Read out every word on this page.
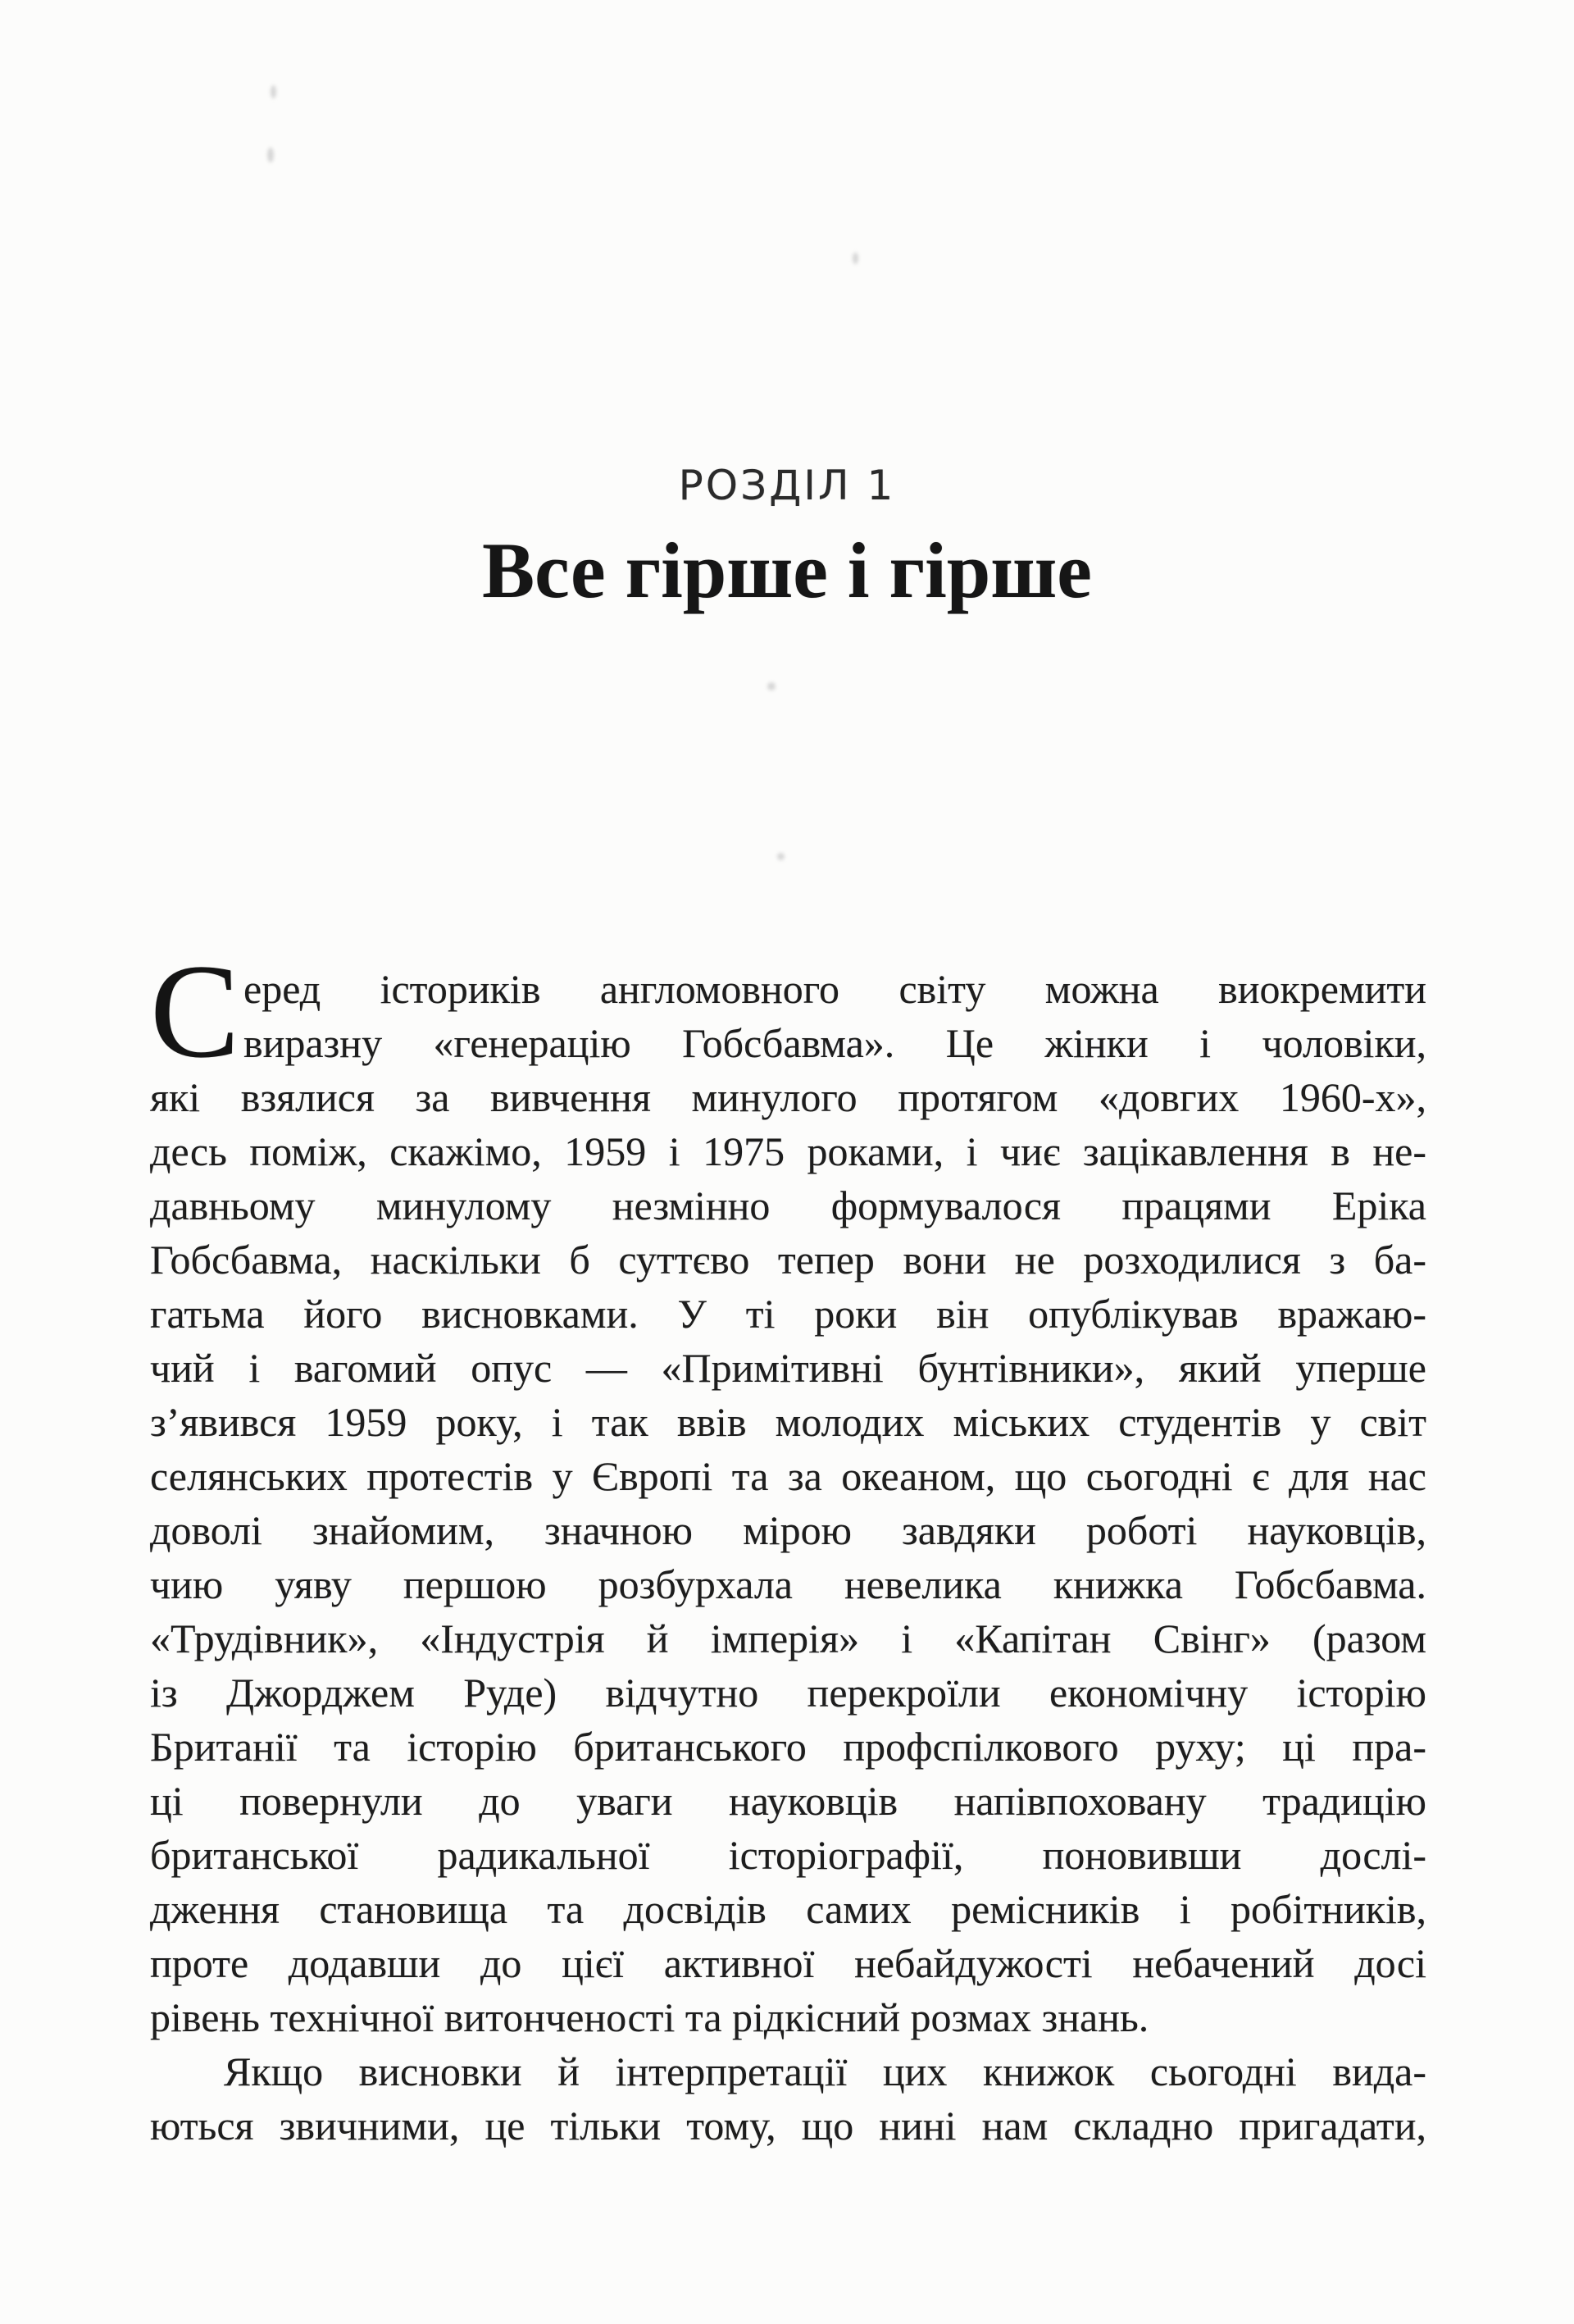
РОЗДІЛ 1
Все гірше і гірше
С еред істориків англомовного світу можна виокремити
виразну «генерацію Гобсбавма». Це жінки і чоловіки,
які взялися за вивчення минулого протягом «довгих 1960-х»,
десь поміж, скажімо, 1959 і 1975 роками, і чиє зацікавлення в не-
давньому минулому незмінно формувалося працями Еріка
Гобсбавма, наскільки б суттєво тепер вони не розходилися з ба-
гатьма його висновками. У ті роки він опублікував вражаю-
чий і вагомий опус — «Примітивні бунтівники», який уперше
з’явився 1959 року, і так ввів молодих міських студентів у світ
селянських протестів у Європі та за океаном, що сьогодні є для нас
доволі знайомим, значною мірою завдяки роботі науковців,
чию уяву першою розбурхала невелика книжка Гобсбавма.
«Трудівник», «Індустрія й імперія» і «Капітан Свінг» (разом
із Джорджем Руде) відчутно перекроїли економічну історію
Британії та історію британського профспілкового руху; ці пра-
ці повернули до уваги науковців напівпоховану традицію
британської радикальної історіографії, поновивши дослі-
дження становища та досвідів самих ремісників і робітників,
проте додавши до цієї активної небайдужості небачений досі
рівень технічної витонченості та рідкісний розмах знань.
Якщо висновки й інтерпретації цих книжок сьогодні вида-
ються звичними, це тільки тому, що нині нам складно пригадати,
